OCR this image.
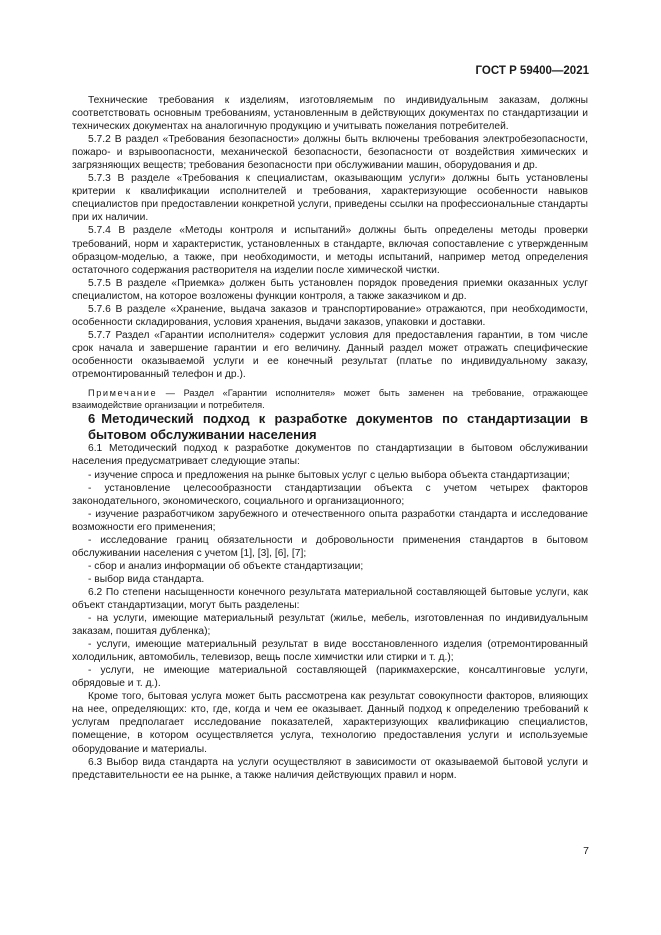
ГОСТ Р 59400—2021

Технические требования к изделиям, изготовляемым по индивидуальным заказам, должны соответствовать основным требованиям, установленным в действующих документах по стандартизации и технических документах на аналогичную продукцию и учитывать пожелания потребителей.

5.7.2 В раздел «Требования безопасности» должны быть включены требования электробезопасности, пожаро- и взрывоопасности, механической безопасности, безопасности от воздействия химических и загрязняющих веществ; требования безопасности при обслуживании машин, оборудования и др.

5.7.3 В разделе «Требования к специалистам, оказывающим услуги» должны быть установлены критерии к квалификации исполнителей и требования, характеризующие особенности навыков специалистов при предоставлении конкретной услуги, приведены ссылки на профессиональные стандарты при их наличии.

5.7.4 В разделе «Методы контроля и испытаний» должны быть определены методы проверки требований, норм и характеристик, установленных в стандарте, включая сопоставление с утвержденным образцом-моделью, а также, при необходимости, и методы испытаний, например метод определения остаточного содержания растворителя на изделии после химической чистки.

5.7.5 В разделе «Приемка» должен быть установлен порядок проведения приемки оказанных услуг специалистом, на которое возложены функции контроля, а также заказчиком и др.

5.7.6 В разделе «Хранение, выдача заказов и транспортирование» отражаются, при необходимости, особенности складирования, условия хранения, выдачи заказов, упаковки и доставки.

5.7.7 Раздел «Гарантии исполнителя» содержит условия для предоставления гарантии, в том числе срок начала и завершение гарантии и его величину. Данный раздел может отражать специфические особенности оказываемой услуги и ее конечный результат (платье по индивидуальному заказу, отремонтированный телефон и др.).

Примечание — Раздел «Гарантии исполнителя» может быть заменен на требование, отражающее взаимодействие организации и потребителя.

6 Методический подход к разработке документов по стандартизации в бытовом обслуживании населения

6.1 Методический подход к разработке документов по стандартизации в бытовом обслуживании населения предусматривает следующие этапы:

- изучение спроса и предложения на рынке бытовых услуг с целью выбора объекта стандартизации;

- установление целесообразности стандартизации объекта с учетом четырех факторов законодательного, экономического, социального и организационного;

- изучение разработчиком зарубежного и отечественного опыта разработки стандарта и исследование возможности его применения;

- исследование границ обязательности и добровольности применения стандартов в бытовом обслуживании населения с учетом [1], [3], [6], [7];

- сбор и анализ информации об объекте стандартизации;

- выбор вида стандарта.

6.2 По степени насыщенности конечного результата материальной составляющей бытовые услуги, как объект стандартизации, могут быть разделены:

- на услуги, имеющие материальный результат (жилье, мебель, изготовленная по индивидуальным заказам, пошитая дубленка);

- услуги, имеющие материальный результат в виде восстановленного изделия (отремонтированный холодильник, автомобиль, телевизор, вещь после химчистки или стирки и т. д.);

- услуги, не имеющие материальной составляющей (парикмахерские, консалтинговые услуги, обрядовые и т. д.).

Кроме того, бытовая услуга может быть рассмотрена как результат совокупности факторов, влияющих на нее, определяющих: кто, где, когда и чем ее оказывает. Данный подход к определению требований к услугам предполагает исследование показателей, характеризующих квалификацию специалистов, помещение, в котором осуществляется услуга, технологию предоставления услуги и используемые оборудование и материалы.

6.3 Выбор вида стандарта на услуги осуществляют в зависимости от оказываемой бытовой услуги и представительности ее на рынке, а также наличия действующих правил и норм.

7
